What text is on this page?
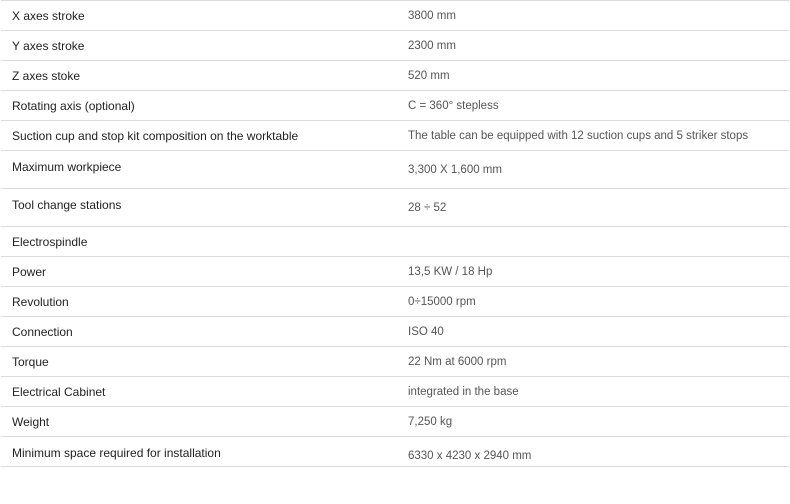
X axes stroke	3800 mm
Y axes stroke	2300 mm
Z axes stoke	520 mm
Rotating axis (optional)	C = 360° stepless
Suction cup and stop kit composition on the worktable	The table can be equipped with 12 suction cups and 5 striker stops
Maximum workpiece	3,300 X 1,600 mm
Tool change stations	28 ÷ 52
Electrospindle	
Power	13,5 KW / 18 Hp
Revolution	0÷15000 rpm
Connection	ISO 40
Torque	22 Nm at 6000 rpm
Electrical Cabinet	integrated in the base
Weight	7,250 kg
Minimum space required for installation	6330 x 4230 x 2940 mm
